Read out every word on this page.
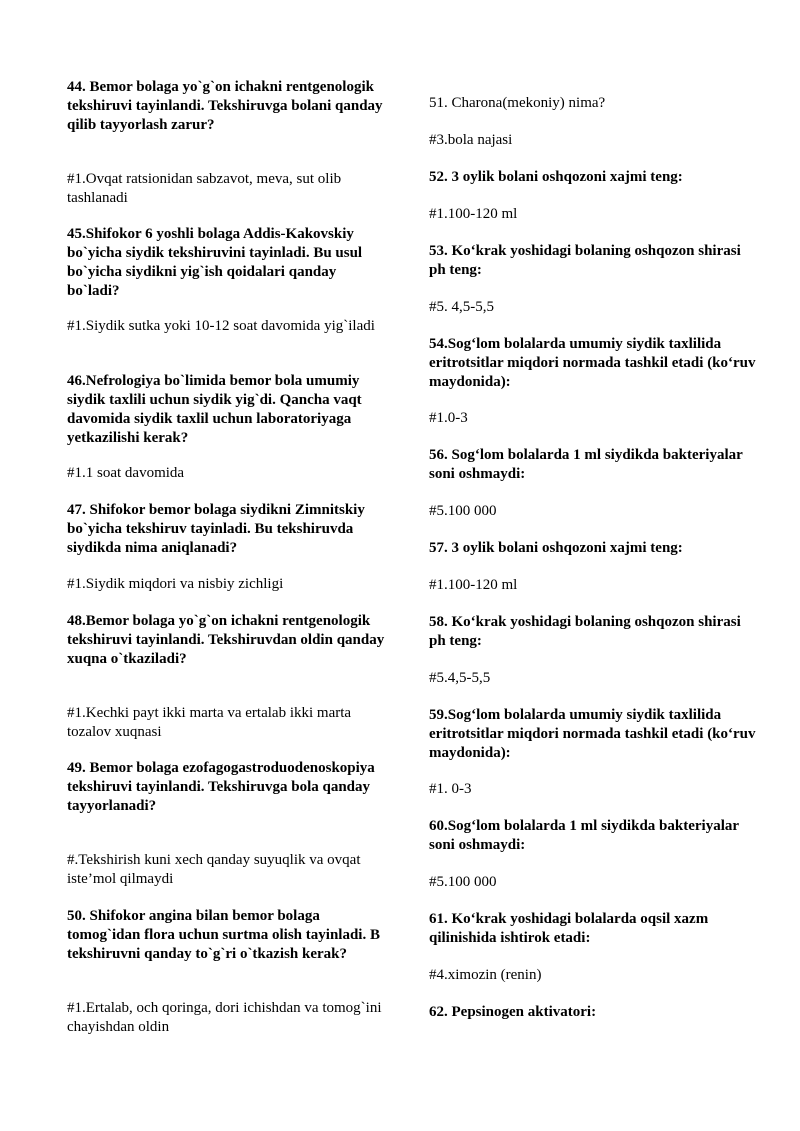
44. Bemor bolaga yo`g`on ichakni rentgenologik tekshiruvi tayinlandi. Tekshiruvga bolani qanday qilib tayyorlash zarur?

#1.Ovqat ratsionidan sabzavot, meva, sut olib tashlanadi

45.Shifokor 6 yoshli bolaga Addis-Kakovskiy bo`yicha siydik tekshiruvini tayinladi. Bu usul bo`yicha siydikni yig`ish qoidalari qanday bo`ladi?

#1.Siydik sutka yoki 10-12 soat davomida yig`iladi

46.Nefrologiya bo`limida bemor bola umumiy siydik taxlili uchun siydik yig`di. Qancha vaqt davomida siydik taxlil uchun laboratoriyaga yetkazilishi kerak?

#1.1 soat davomida

47. Shifokor bemor bolaga siydikni Zimnitskiy bo`yicha tekshiruv tayinladi. Bu tekshiruvda siydikda nima aniqlanadi?

#1.Siydik miqdori va nisbiy zichligi

48.Bemor bolaga yo`g`on ichakni rentgenologik tekshiruvi tayinlandi. Tekshiruvdan oldin qanday xuqna o`tkaziladi?

#1.Kechki payt ikki marta va ertalab ikki marta tozalov xuqnasi

49. Bemor bolaga ezofagogastroduodenoskopiya tekshiruvi tayinlandi. Tekshiruvga bola qanday tayyorlanadi?

#.Tekshirish kuni xech qanday suyuqlik va ovqat iste’mol qilmaydi

50. Shifokor angina bilan bemor bolaga tomog`idan flora uchun surtma olish tayinladi. B tekshiruvni qanday to`g`ri o`tkazish kerak?

#1.Ertalab, och qoringa, dori ichishdan va tomog`ini chayishdan oldin

51. Charona(mekoniy) nima?

#3.bola najasi

52. 3 oylik bolani oshqozoni xajmi teng:

#1.100-120 ml

53. Ko‘krak yoshidagi bolaning oshqozon shirasi ph teng:

#5. 4,5-5,5

54.Sog‘lom bolalarda umumiy siydik taxlilida eritrotsitlar miqdori normada tashkil etadi (ko‘ruv maydonida):

#1.0-3

56. Sog‘lom bolalarda 1 ml siydikda bakteriyalar soni oshmaydi:

#5.100 000

57. 3 oylik bolani oshqozoni xajmi teng:

#1.100-120 ml

58. Ko‘krak yoshidagi bolaning oshqozon shirasi ph teng:

#5.4,5-5,5

59.Sog‘lom bolalarda umumiy siydik taxlilida eritrotsitlar miqdori normada tashkil etadi (ko‘ruv maydonida):

#1. 0-3

60.Sog‘lom bolalarda 1 ml siydikda bakteriyalar soni oshmaydi:

#5.100 000

61. Ko‘krak yoshidagi bolalarda oqsil xazm qilinishida ishtirok etadi:

#4.ximozin (renin)

62. Pepsinogen aktivatori:
